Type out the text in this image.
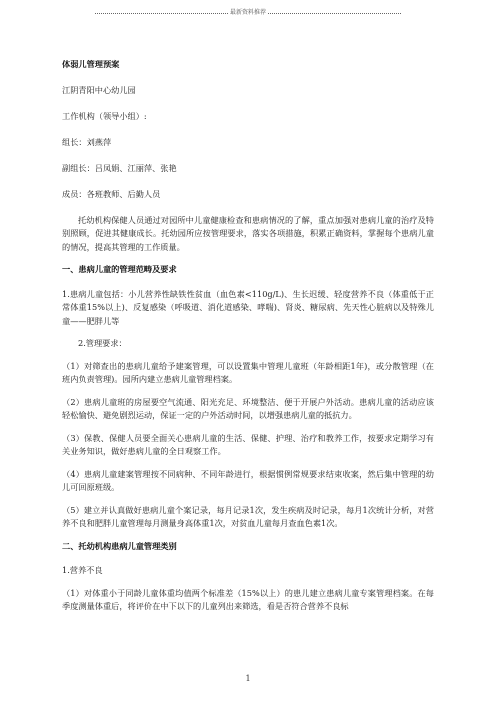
最新资料推荐

体弱儿管理预案

江阴青阳中心幼儿园

工作机构（领导小组）:

组长：刘燕萍

副组长：吕凤娟、江丽萍、张艳

成员：各班教师、后勤人员

托幼机构保健人员通过对园所中儿童健康检查和患病情况的了解，重点加强对患病儿童的治疗及特别照顾，促进其健康成长。托幼园所应按管理要求，落实各项措施，积累正确资料，掌握每个患病儿童的情况，提高其管理的工作质量。

一、患病儿童的管理范畴及要求

1.患病儿童包括：小儿营养性缺铁性贫血（血色素<110g/L)、生长迟缓、轻度营养不良（体重低于正常体重15%以上)、反复感染（呼吸道、消化道感染、哮喘)、肾炎、糖尿病、先天性心脏病以及特殊儿童——肥胖儿等

2.管理要求：

（1）对筛查出的患病儿童给予建案管理，可以设置集中管理儿童班（年龄相距1年)，或分散管理（在班内负责管理)。园所内建立患病儿童管理档案。

（2）患病儿童班的房屋要空气流通、阳光充足、环境整洁、便于开展户外活动。患病儿童的活动应该轻松愉快、避免剧烈运动，保证一定的户外活动时间，以增强患病儿童的抵抗力。

（3）保教、保健人员要全面关心患病儿童的生活、保健、护理、治疗和教养工作，按要求定期学习有关业务知识，做好患病儿童的全日观察工作。

（4）患病儿童建案管理按不同病种、不同年龄进行，根据惯例常规要求结束收案，然后集中管理的幼儿可回原班级。

（5）建立并认真做好患病儿童个案记录，每月记录1次，发生疾病及时记录，每月1次统计分析，对营养不良和肥胖儿童管理每月测量身高体重1次，对贫血儿童每月查血色素1次。

二、托幼机构患病儿童管理类别

1.营养不良

（1）对体重小于同龄儿童体重均值两个标准差（15%以上）的患儿建立患病儿童专案管理档案。在每季度测量体重后，将评价在中下以下的儿童列出来筛选，看是否符合营养不良标

1
